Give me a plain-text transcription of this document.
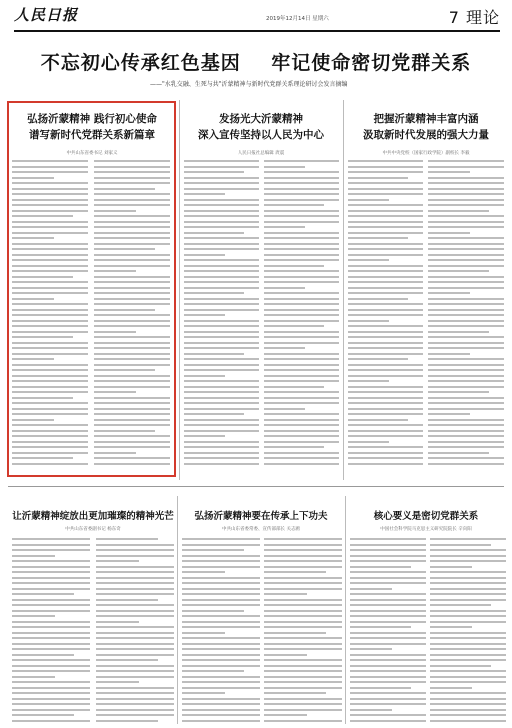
人民日报	2019年12月14日 星期六	7 理论
不忘初心传承红色基因    牢记使命密切党群关系
——"水乳交融、生死与共"沂蒙精神与新时代党群关系理论研讨会发言摘编
弘扬沂蒙精神 践行初心使命
谱写新时代党群关系新篇章
中共山东省委书记 刘家义
发扬光大沂蒙精神
深入宣传坚持以人民为中心
人民日报社总编辑 庹震
把握沂蒙精神丰富内涵
汲取新时代发展的强大力量
中共中央党校（国家行政学院）副校长 李毅
让沂蒙精神绽放出更加璀璨的精神光芒
中共山东省委副书记 杨东奇
弘扬沂蒙精神要在传承上下功夫
中共山东省委常委、宣传部部长 关志鸥
核心要义是密切党群关系
中国社会科学院马克思主义研究院院长 辛向阳
